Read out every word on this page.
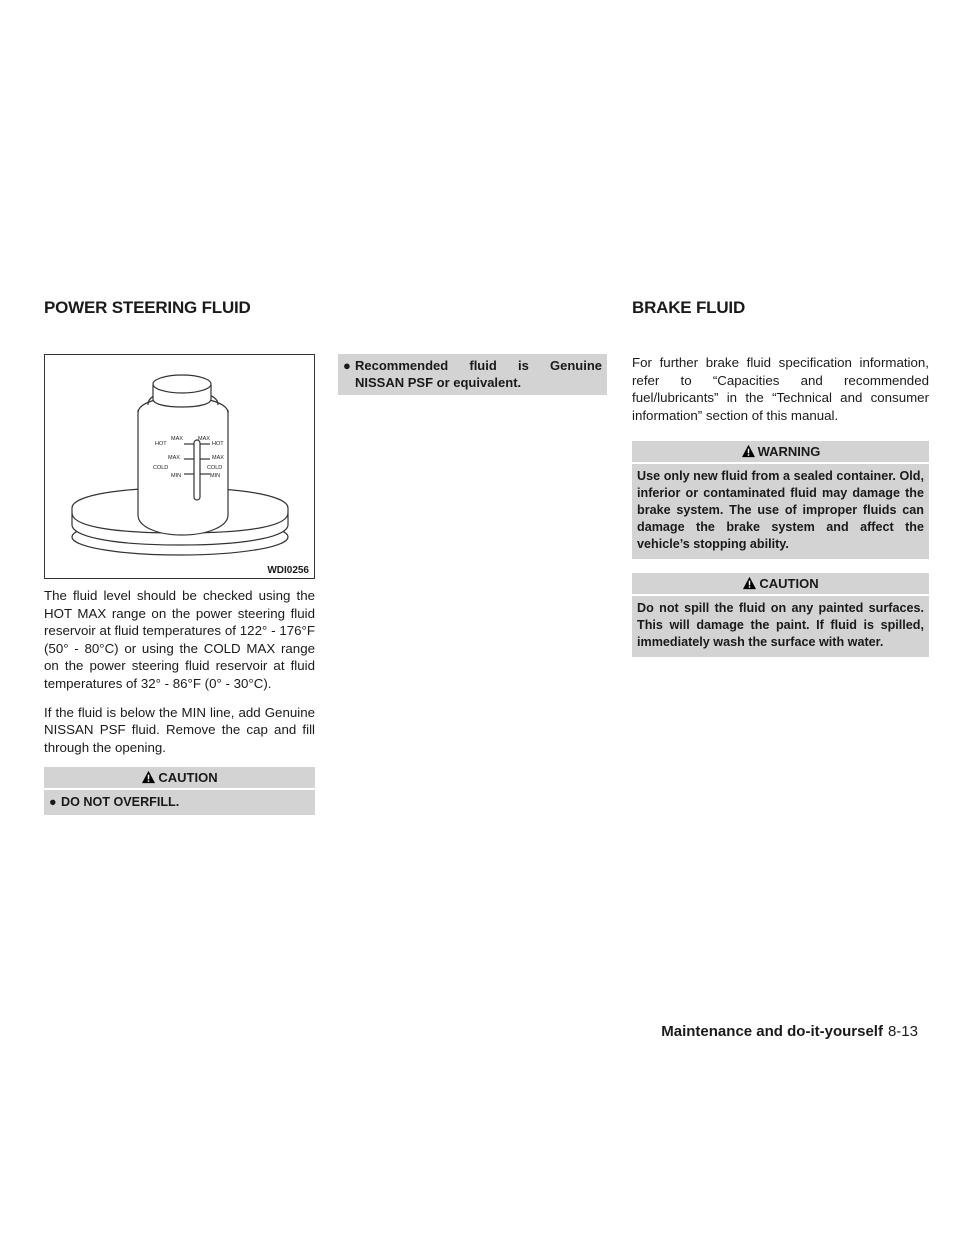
POWER STEERING FLUID	BRAKE FLUID
MAX
HOT
MAX
COLD
MIN
MAX
HOT
MAX
COLD
MIN
WDI0256

The fluid level should be checked using the HOT MAX range on the power steering fluid reservoir at fluid temperatures of 122° - 176°F (50° - 80°C) or using the COLD MAX range on the power steering fluid reservoir at fluid temperatures of 32° - 86°F (0° - 30°C).

If the fluid is below the MIN line, add Genuine NISSAN PSF fluid. Remove the cap and fill through the opening.

CAUTION
● DO NOT OVERFILL.
● Recommended fluid is Genuine NISSAN PSF or equivalent.

For further brake fluid specification information, refer to “Capacities and recommended fuel/lubricants” in the “Technical and consumer information” section of this manual.

WARNING
Use only new fluid from a sealed container. Old, inferior or contaminated fluid may damage the brake system. The use of improper fluids can damage the brake system and affect the vehicle’s stopping ability.
CAUTION
Do not spill the fluid on any painted surfaces. This will damage the paint. If fluid is spilled, immediately wash the surface with water.
Maintenance and do-it-yourself 8-13
